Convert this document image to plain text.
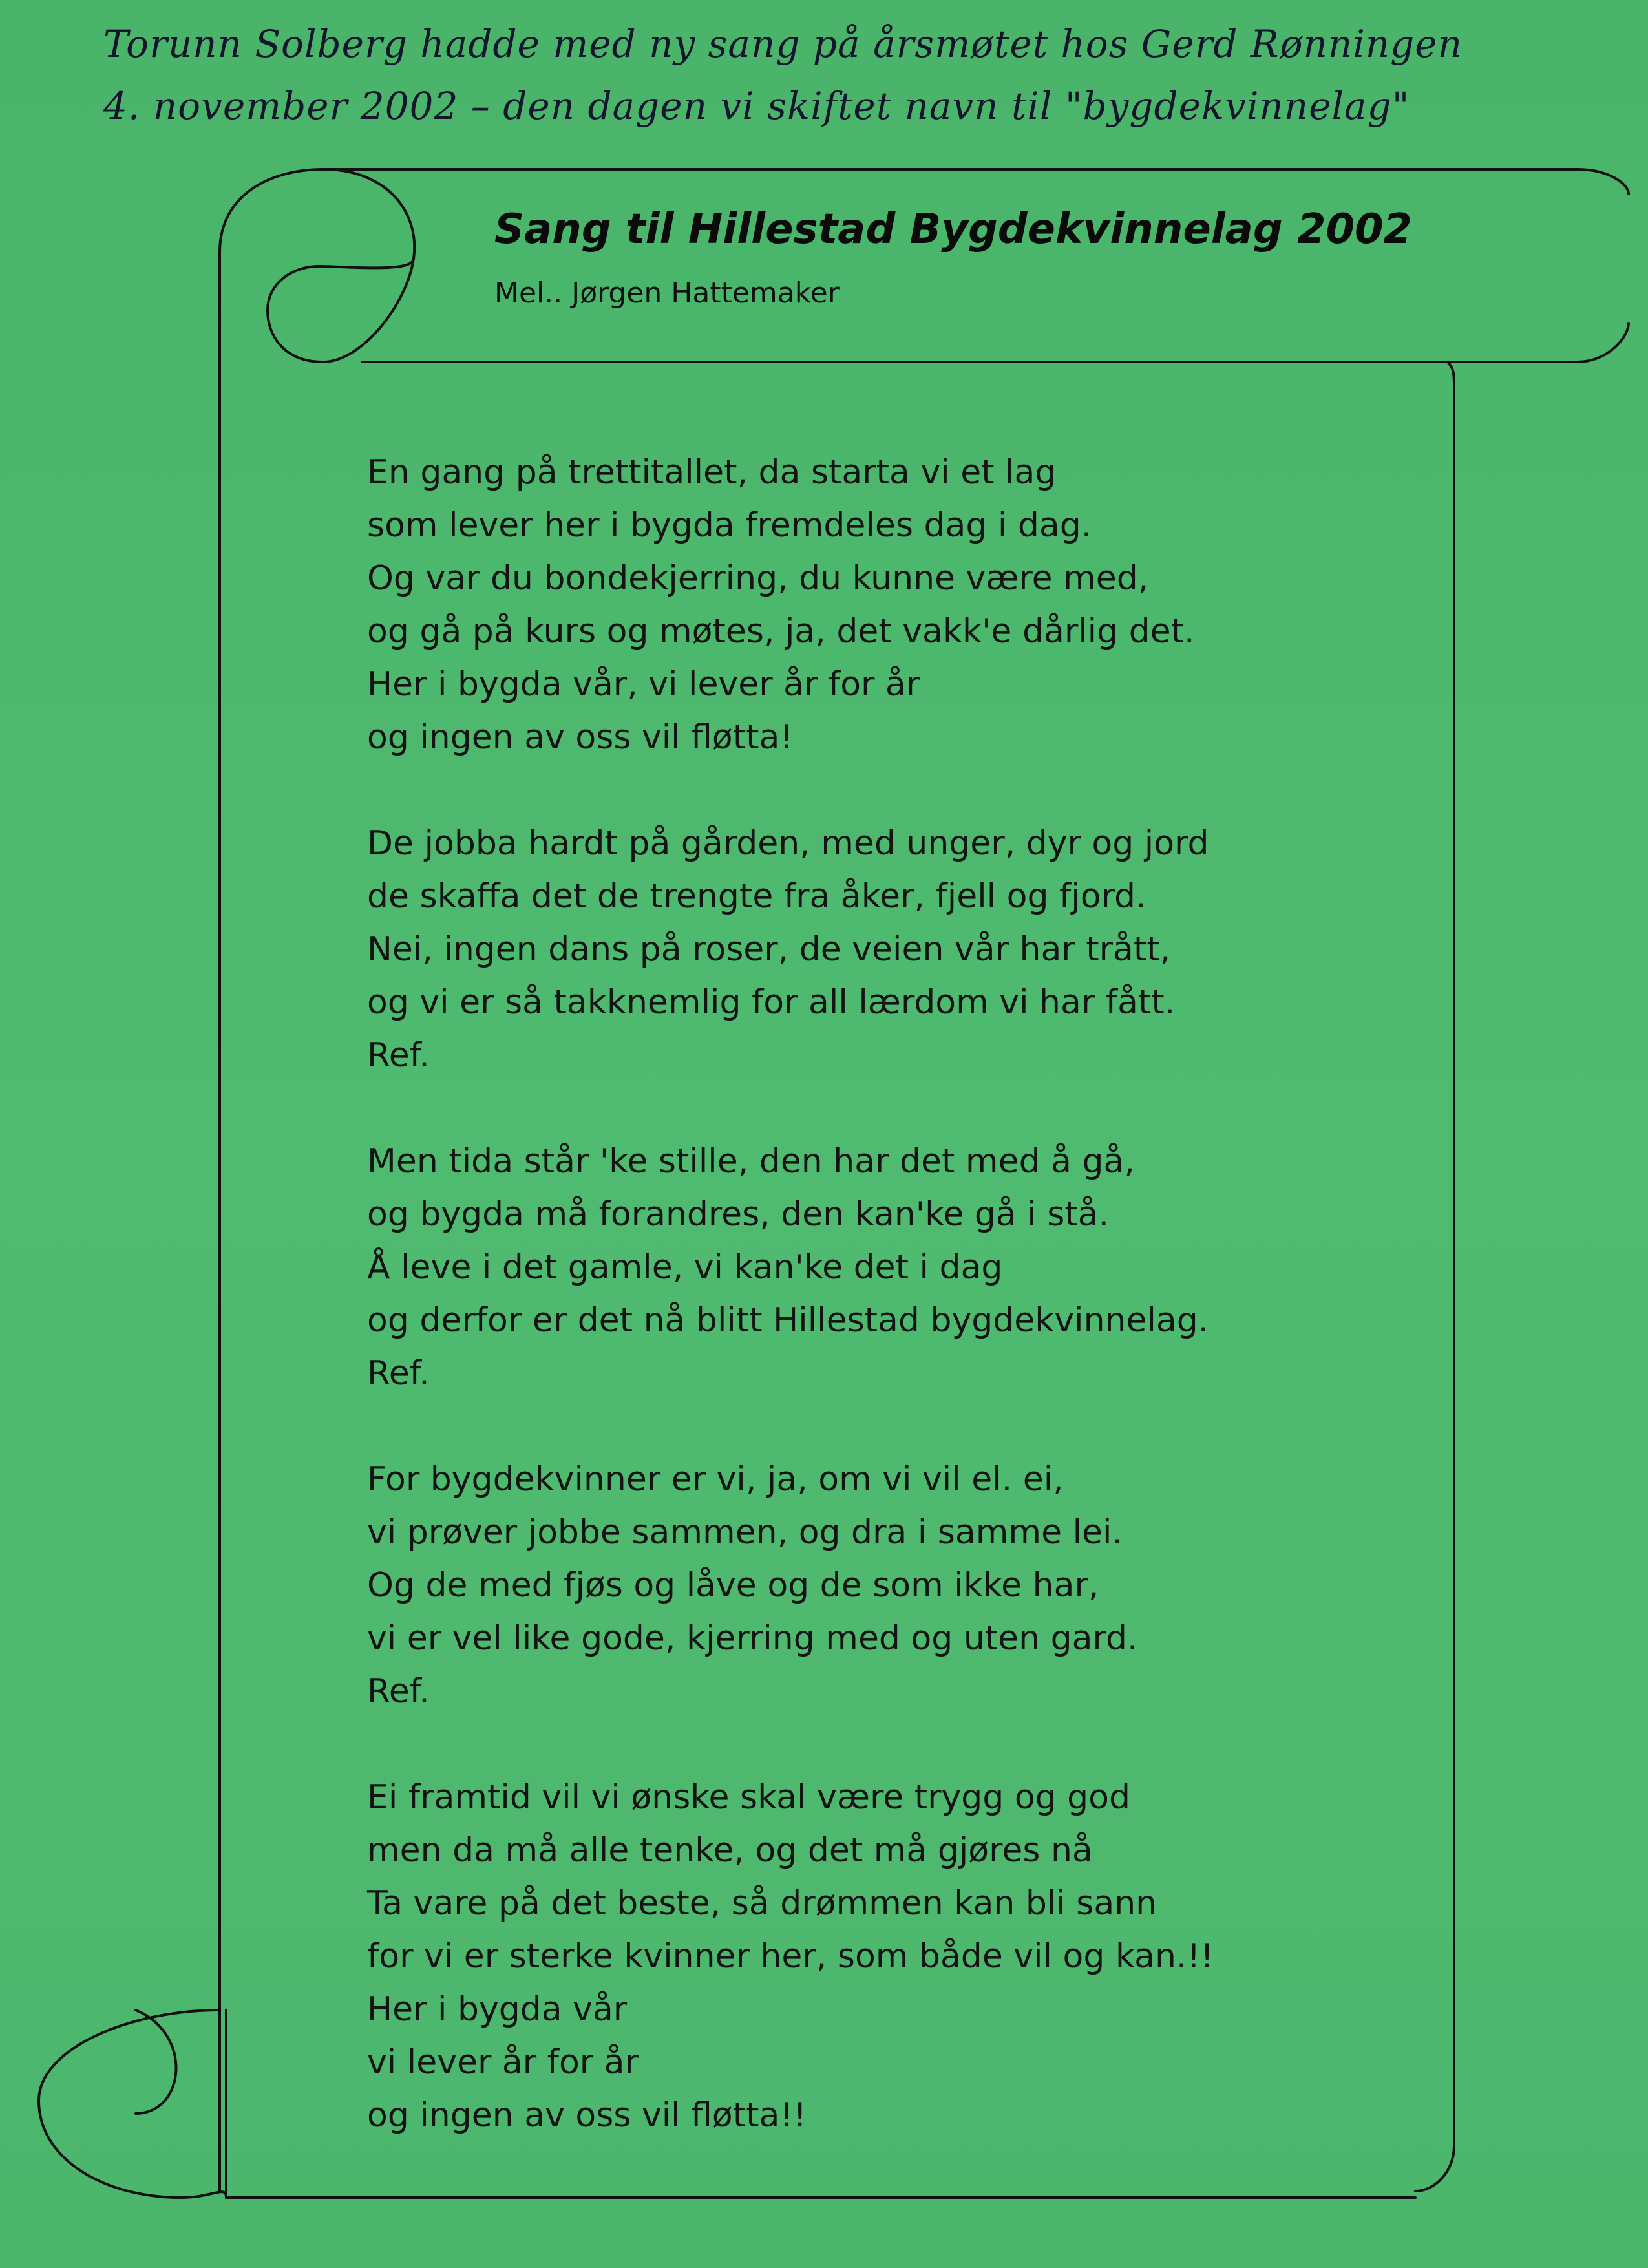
Torunn Solberg hadde med ny sang på årsmøtet hos Gerd Rønningen
4. november 2002 – den dagen vi skiftet navn til "bygdekvinnelag"
Sang til Hillestad Bygdekvinnelag 2002
Mel.. Jørgen Hattemaker
En gang på trettitallet, da starta vi et lag
som lever her i bygda fremdeles dag i dag.
Og var du bondekjerring, du kunne være med,
og gå på kurs og møtes, ja, det vakk'e dårlig det.
Her i bygda vår, vi lever år for år
og ingen av oss vil fløtta!
De jobba hardt på gården, med unger, dyr og jord
de skaffa det de trengte fra åker, fjell og fjord.
Nei, ingen dans på roser, de veien vår har trått,
og vi er så takknemlig for all lærdom vi har fått.
Ref.
Men tida står 'ke stille, den har det med å gå,
og bygda må forandres, den kan'ke gå i stå.
Å leve i det gamle, vi kan'ke det i dag
og derfor er det nå blitt Hillestad bygdekvinnelag.
Ref.
For bygdekvinner er vi, ja, om vi vil el. ei,
vi prøver jobbe sammen, og dra i samme lei.
Og de med fjøs og låve og de som ikke har,
vi er vel like gode, kjerring med og uten gard.
Ref.
Ei framtid vil vi ønske skal være trygg og god
men da må alle tenke, og det må gjøres nå
Ta vare på det beste, så drømmen kan bli sann
for vi er sterke kvinner her, som både vil og kan.!!
Her i bygda vår
vi lever år for år
og ingen av oss vil fløtta!!
